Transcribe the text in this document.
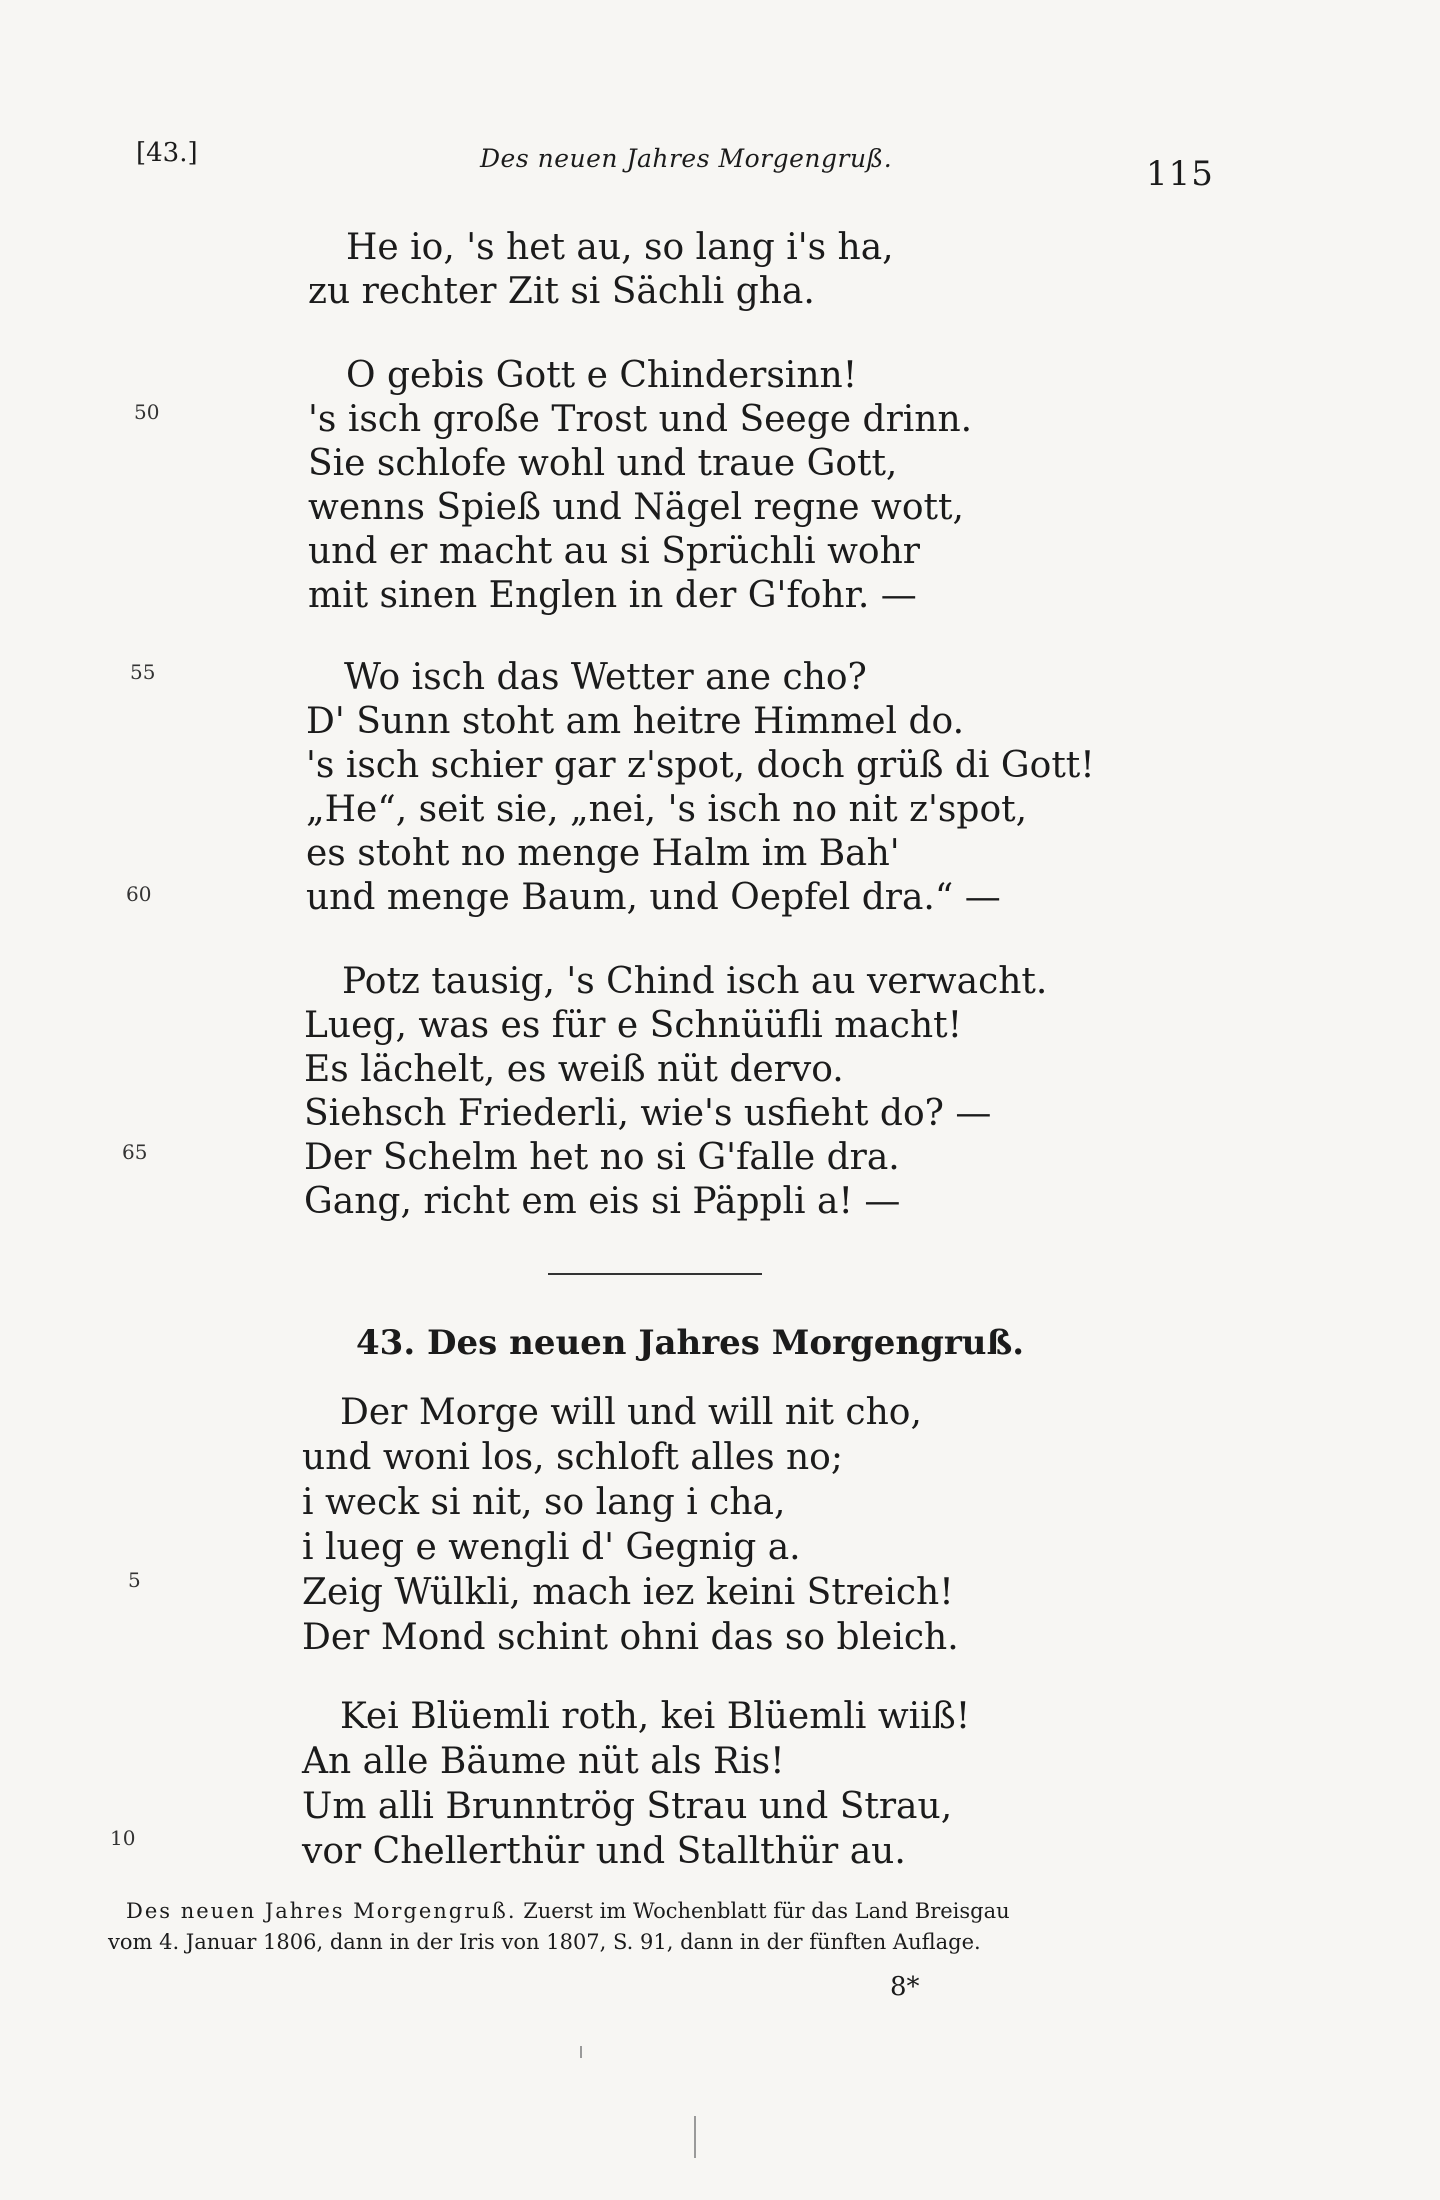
[43.]	Des neuen Jahres Morgengruß.	115
He io, 's het au, so lang i's ha,
zu rechter Zit si Sächli gha.
O gebis Gott e Chindersinn!
's isch große Trost und Seege drinn.
Sie schlofe wohl und traue Gott,
wenns Spieß und Nägel regne wott,
und er macht au si Sprüchli wohr
mit sinen Englen in der G'fohr. —
Wo isch das Wetter ane cho?
D' Sunn stoht am heitre Himmel do.
's isch schier gar z'spot, doch grüß di Gott!
„He“, seit sie, „nei, 's isch no nit z'spot,
es stoht no menge Halm im Bah'
und menge Baum, und Oepfel dra.“ —
Potz tausig, 's Chind isch au verwacht.
Lueg, was es für e Schnüüfli macht!
Es lächelt, es weiß nüt dervo.
Siehsch Friederli, wie's usfieht do? —
Der Schelm het no si G'falle dra.
Gang, richt em eis si Päppli a! —
50
55
60
65
43. Des neuen Jahres Morgengruß.
Der Morge will und will nit cho,
und woni los, schloft alles no;
i weck si nit, so lang i cha,
i lueg e wengli d' Gegnig a.
Zeig Wülkli, mach iez keini Streich!
Der Mond schint ohni das so bleich.
Kei Blüemli roth, kei Blüemli wiiß!
An alle Bäume nüt als Ris!
Um alli Brunntrög Strau und Strau,
vor Chellerthür und Stallthür au.
5
10
Des neuen Jahres Morgengruß. Zuerst im Wochenblatt für das Land Breisgau
vom 4. Januar 1806, dann in der Iris von 1807, S. 91, dann in der fünften Auflage.
8*
